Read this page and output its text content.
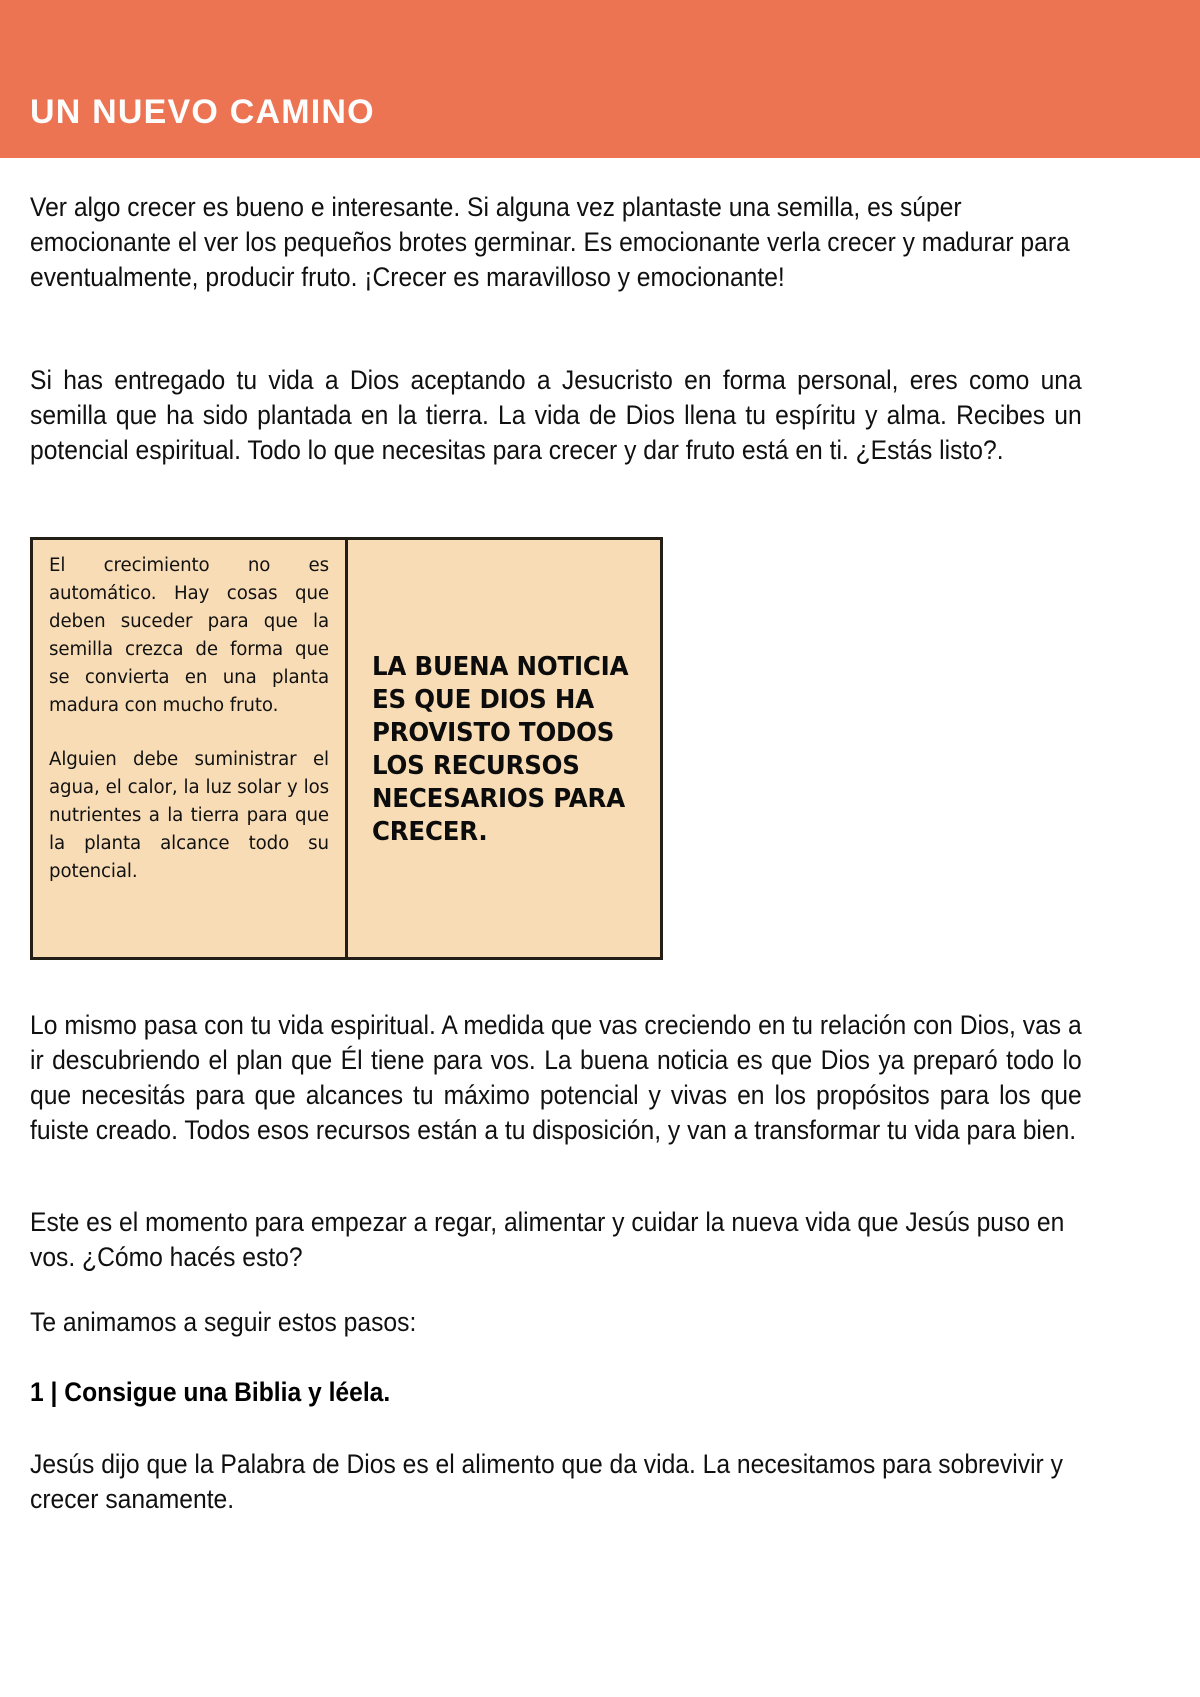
UN NUEVO CAMINO

Ver algo crecer es bueno e interesante. Si alguna vez plantaste una semilla, es súper emocionante el ver los pequeños brotes germinar. Es emocionante verla crecer y madurar para eventualmente, producir fruto. ¡Crecer es maravilloso y emocionante!

Si has entregado tu vida a Dios aceptando a Jesucristo en forma personal, eres como una semilla que ha sido plantada en la tierra. La vida de Dios llena tu espíritu y alma. Recibes un potencial espiritual. Todo lo que necesitas para crecer y dar fruto está en ti. ¿Estás listo?.

El crecimiento no es automático. Hay cosas que deben suceder para que la semilla crezca de forma que se convierta en una planta madura con mucho fruto.

Alguien debe suministrar el agua, el calor, la luz solar y los nutrientes a la tierra para que la planta alcance todo su potencial.

LA BUENA NOTICIA ES QUE DIOS HA PROVISTO TODOS LOS RECURSOS NECESARIOS PARA CRECER.

Lo mismo pasa con tu vida espiritual. A medida que vas creciendo en tu relación con Dios, vas a ir descubriendo el plan que Él tiene para vos. La buena noticia es que Dios ya preparó todo lo que necesitás para que alcances tu máximo potencial y vivas en los propósitos para los que fuiste creado. Todos esos recursos están a tu disposición, y van a transformar tu vida para bien.

Este es el momento para empezar a regar, alimentar y cuidar la nueva vida que Jesús puso en vos. ¿Cómo hacés esto?

Te animamos a seguir estos pasos:

1 | Consigue una Biblia y léela.

Jesús dijo que la Palabra de Dios es el alimento que da vida. La necesitamos para sobrevivir y crecer sanamente.
